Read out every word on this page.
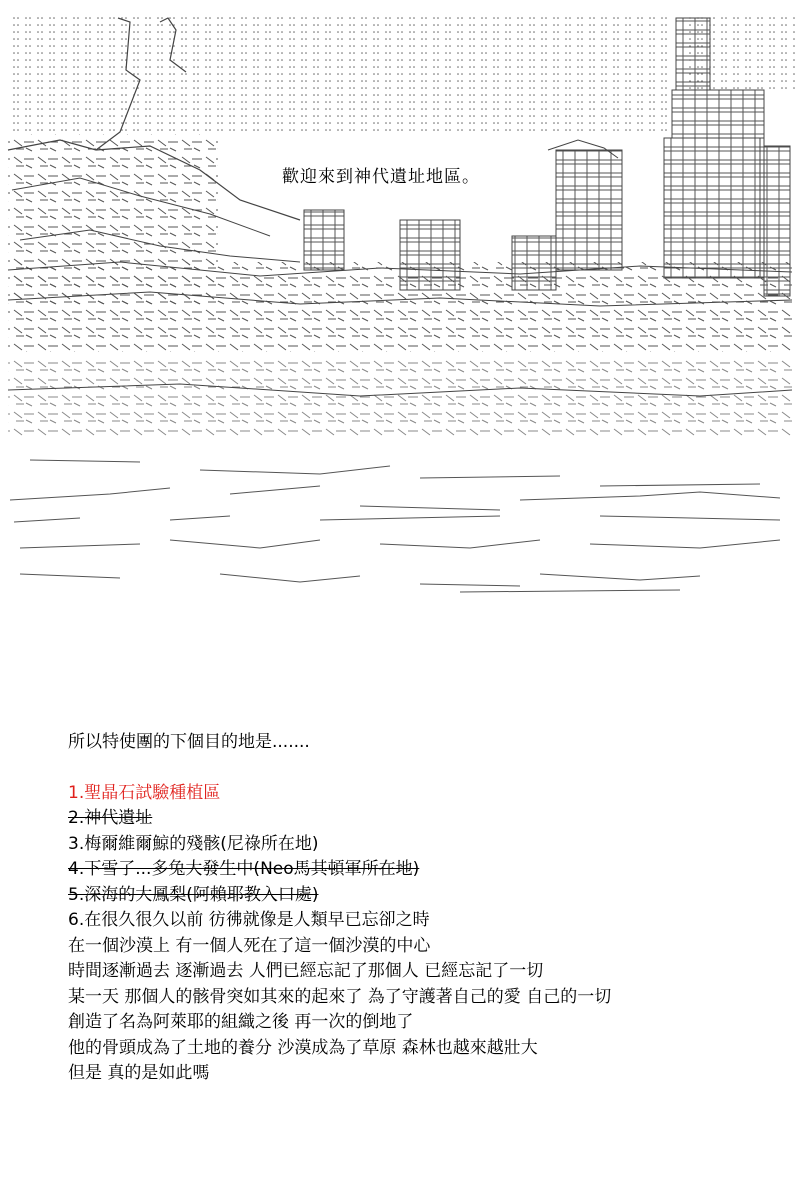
歡迎來到神代遺址地區。
所以特使團的下個目的地是.......
1.聖晶石試驗種植區
2.神代遺址
3.梅爾維爾鯨的殘骸(尼祿所在地)
4.下雪了...多兔大發生中(Neo馬其頓軍所在地)
5.深海的大鳳梨(阿賴耶教入口處)
6.在很久很久以前 彷彿就像是人類早已忘卻之時
在一個沙漠上 有一個人死在了這一個沙漠的中心
時間逐漸過去 逐漸過去 人們已經忘記了那個人 已經忘記了一切
某一天 那個人的骸骨突如其來的起來了 為了守護著自己的愛 自己的一切
創造了名為阿萊耶的組織之後 再一次的倒地了
他的骨頭成為了土地的養分 沙漠成為了草原 森林也越來越壯大
但是 真的是如此嗎
